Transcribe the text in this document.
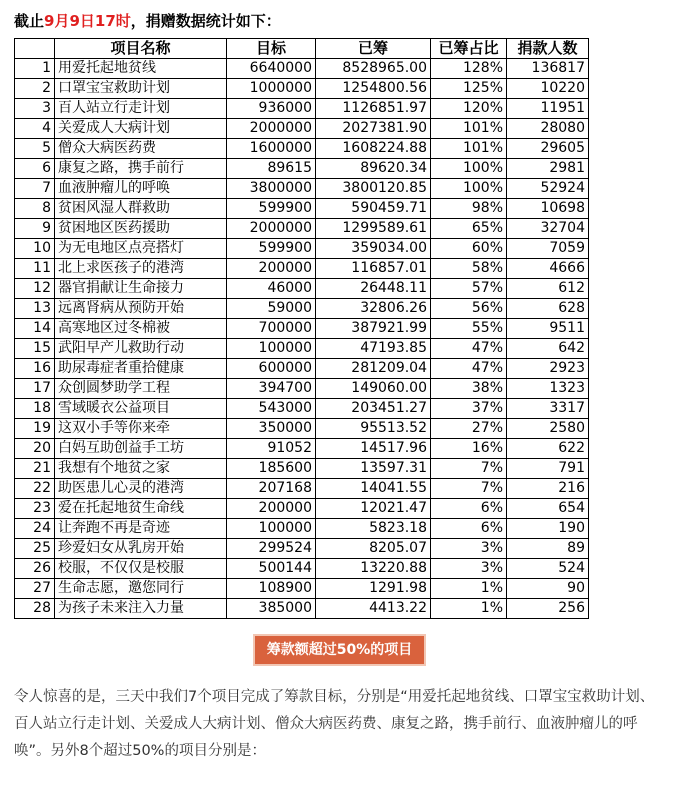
截止9月9日17时，捐赠数据统计如下：
	项目名称	目标	已筹	已筹占比	捐款人数
1	用爱托起地贫线	6640000	8528965.00	128%	136817
2	口罩宝宝救助计划	1000000	1254800.56	125%	10220
3	百人站立行走计划	936000	1126851.97	120%	11951
4	关爱成人大病计划	2000000	2027381.90	101%	28080
5	僧众大病医药费	1600000	1608224.88	101%	29605
6	康复之路，携手前行	89615	89620.34	100%	2981
7	血液肿瘤儿的呼唤	3800000	3800120.85	100%	52924
8	贫困风湿人群救助	599900	590459.71	98%	10698
9	贫困地区医药援助	2000000	1299589.61	65%	32704
10	为无电地区点亮搭灯	599900	359034.00	60%	7059
11	北上求医孩子的港湾	200000	116857.01	58%	4666
12	器官捐献让生命接力	46000	26448.11	57%	612
13	远离肾病从预防开始	59000	32806.26	56%	628
14	高寒地区过冬棉被	700000	387921.99	55%	9511
15	武阳早产儿救助行动	100000	47193.85	47%	642
16	助尿毒症者重拾健康	600000	281209.04	47%	2923
17	众创圆梦助学工程	394700	149060.00	38%	1323
18	雪域暖衣公益项目	543000	203451.27	37%	3317
19	这双小手等你来牵	350000	95513.52	27%	2580
20	白妈互助创益手工坊	91052	14517.96	16%	622
21	我想有个地贫之家	185600	13597.31	7%	791
22	助医患儿心灵的港湾	207168	14041.55	7%	216
23	爱在托起地贫生命线	200000	12021.47	6%	654
24	让奔跑不再是奇迹	100000	5823.18	6%	190
25	珍爱妇女从乳房开始	299524	8205.07	3%	89
26	校服，不仅仅是校服	500144	13220.88	3%	524
27	生命志愿，邀您同行	108900	1291.98	1%	90
28	为孩子未来注入力量	385000	4413.22	1%	256
筹款额超过50%的项目
令人惊喜的是，三天中我们7个项目完成了筹款目标，分别是“用爱托起地贫线、口罩宝宝救助计划、百人站立行走计划、关爱成人大病计划、僧众大病医药费、康复之路，携手前行、血液肿瘤儿的呼唤”。另外8个超过50%的项目分别是：
